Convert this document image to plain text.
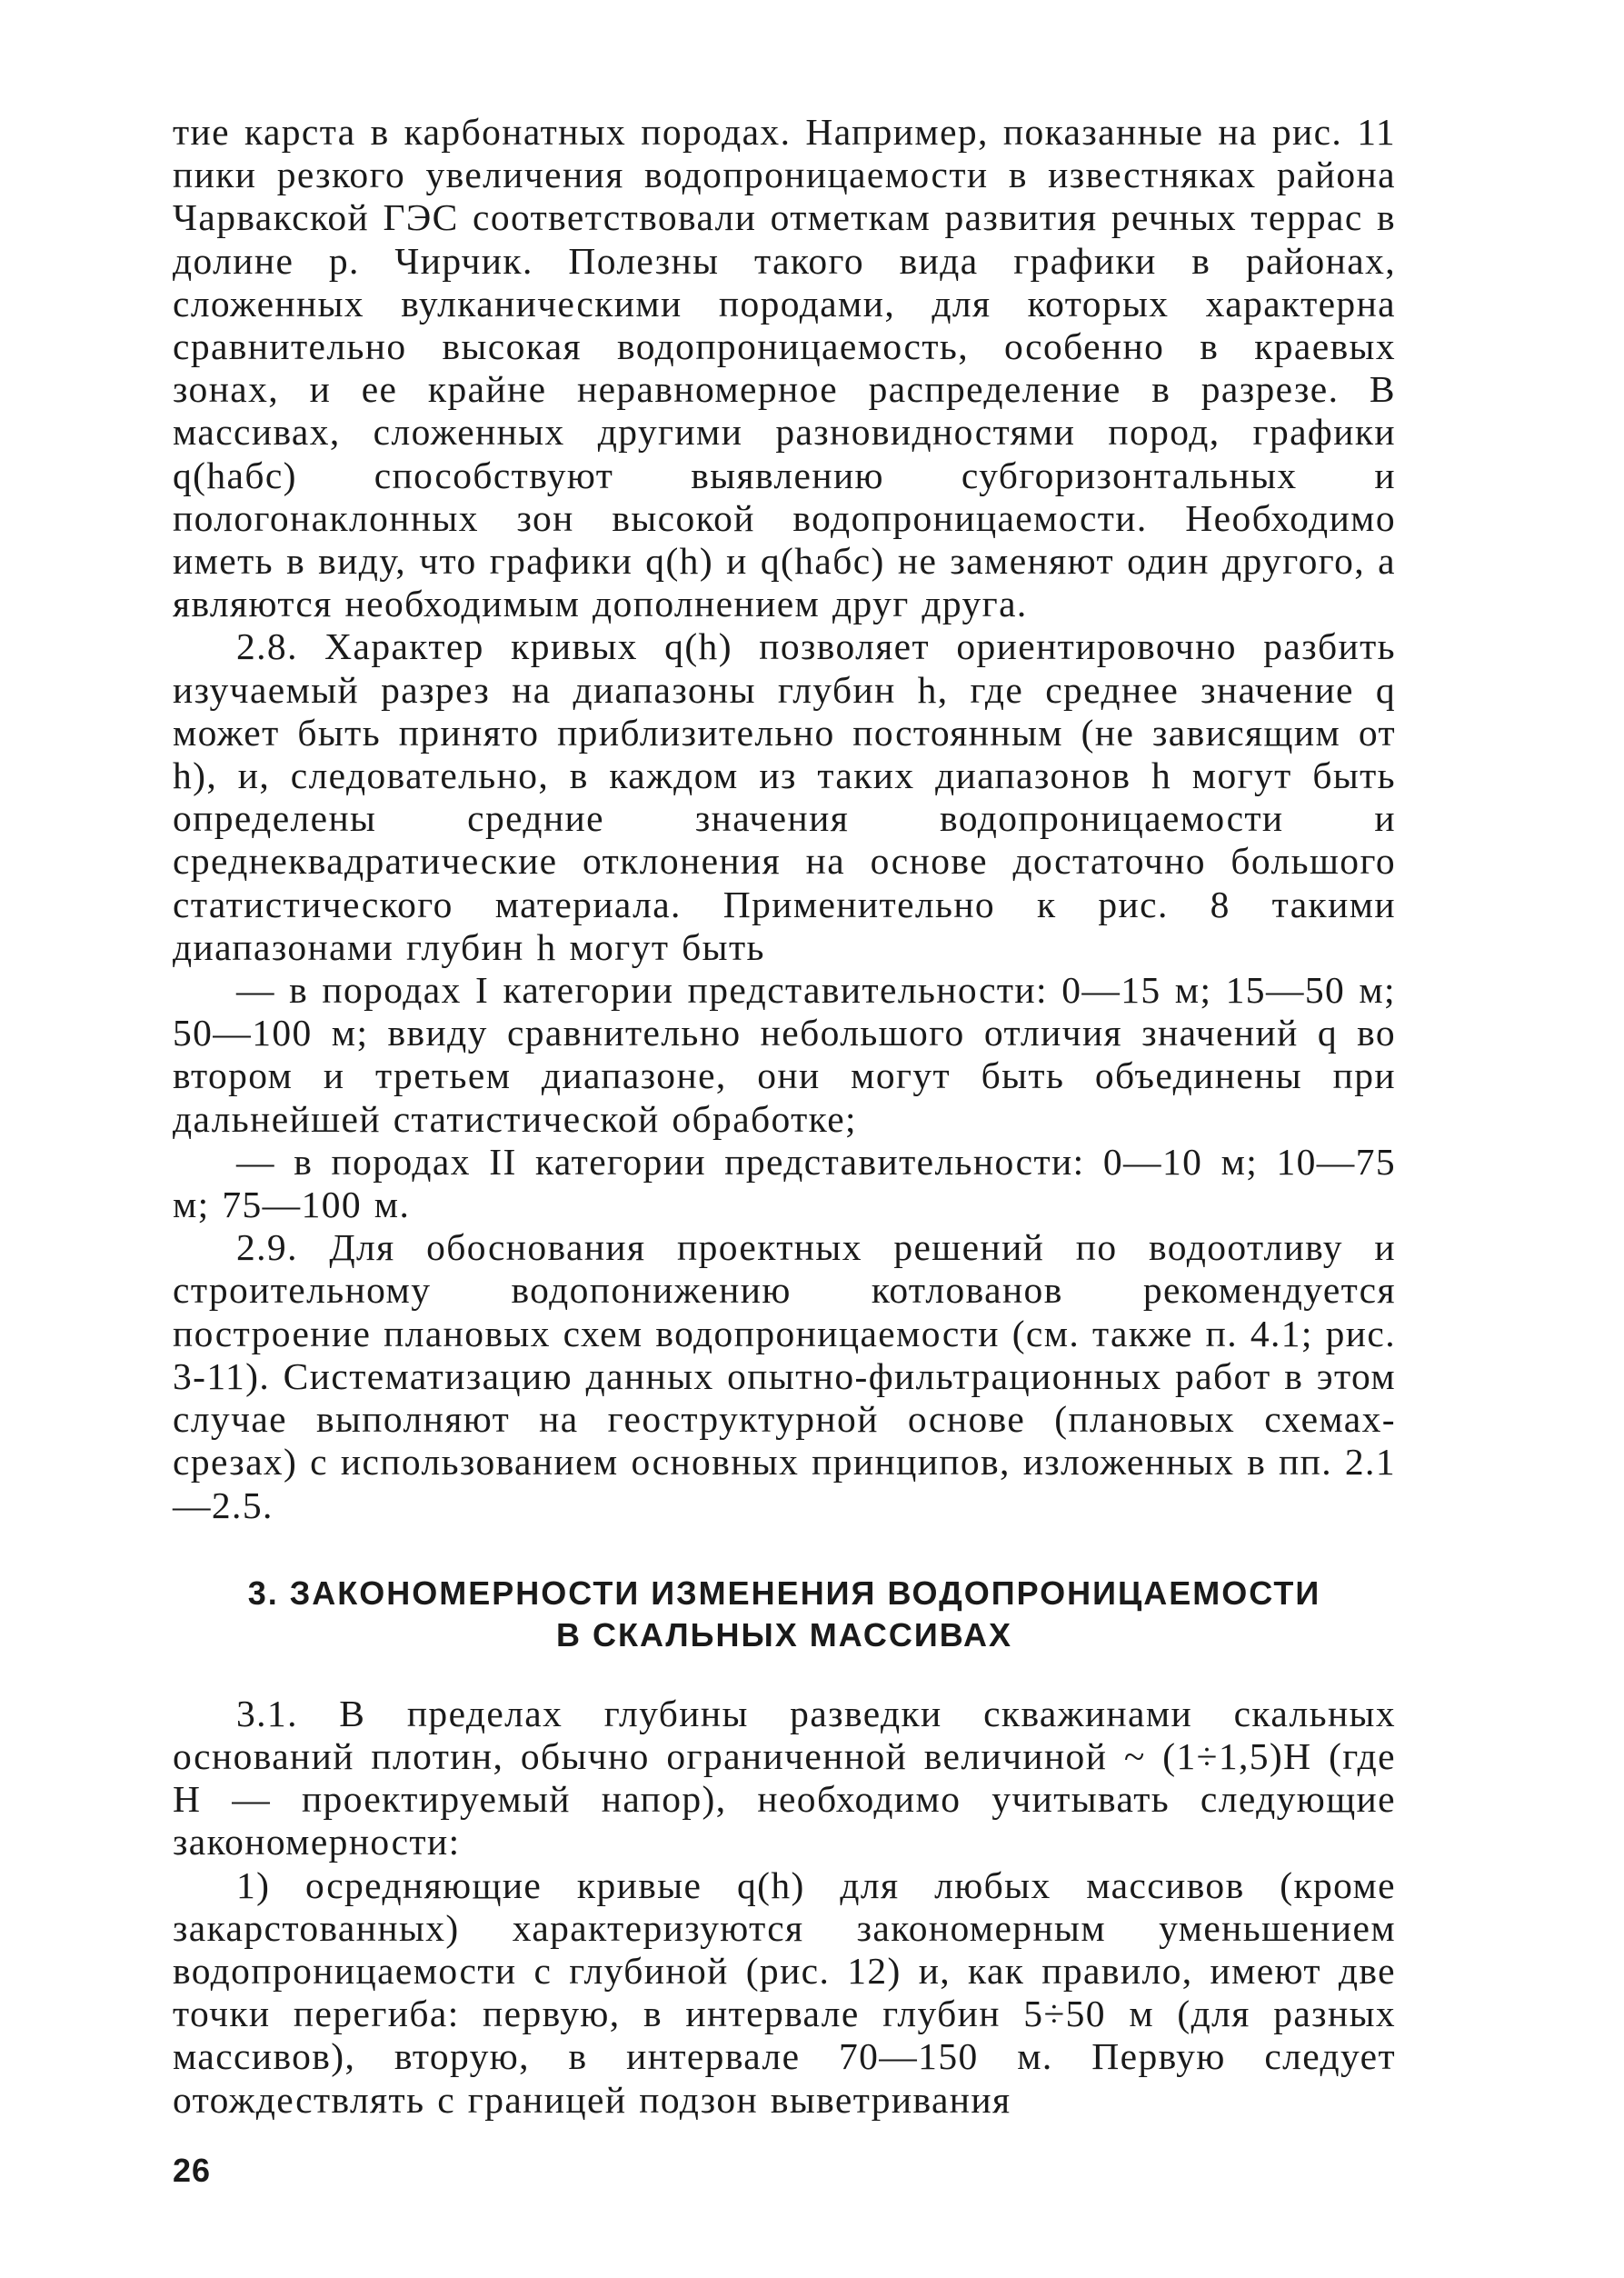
тие карста в карбонатных породах. Например, показанные на рис. 11 пики резкого увеличения водопроницаемости в известняках района Чарвакской ГЭС соответствовали отметкам развития речных террас в долине р. Чирчик. Полезны такого вида графики в районах, сложенных вулканическими породами, для которых характерна сравнительно высокая водопроницаемость, особенно в краевых зонах, и ее крайне неравномерное распределение в разрезе. В массивах, сложенных другими разновидностями пород, графики q(hабс) способствуют выявлению субгоризонтальных и пологонаклонных зон высокой водопроницаемости. Необходимо иметь в виду, что графики q(h) и q(hабс) не заменяют один другого, а являются необходимым дополнением друг друга.

2.8. Характер кривых q(h) позволяет ориентировочно разбить изучаемый разрез на диапазоны глубин h, где среднее значение q может быть принято приблизительно постоянным (не зависящим от h), и, следовательно, в каждом из таких диапазонов h могут быть определены средние значения водопроницаемости и среднеквадратические отклонения на основе достаточно большого статистического материала. Применительно к рис. 8 такими диапазонами глубин h могут быть

— в породах I категории представительности: 0—15 м; 15—50 м; 50—100 м; ввиду сравнительно небольшого отличия значений q во втором и третьем диапазоне, они могут быть объединены при дальнейшей статистической обработке;

— в породах II категории представительности: 0—10 м; 10—75 м; 75—100 м.

2.9. Для обоснования проектных решений по водоотливу и строительному водопонижению котлованов рекомендуется построение плановых схем водопроницаемости (см. также п. 4.1; рис. 3-11). Систематизацию данных опытно-фильтрационных работ в этом случае выполняют на геоструктурной основе (плановых схемах-срезах) с использованием основных принципов, изложенных в пп. 2.1—2.5.

3. ЗАКОНОМЕРНОСТИ ИЗМЕНЕНИЯ ВОДОПРОНИЦАЕМОСТИ
В СКАЛЬНЫХ МАССИВАХ

3.1. В пределах глубины разведки скважинами скальных оснований плотин, обычно ограниченной величиной ~ (1÷1,5)H (где H — проектируемый напор), необходимо учитывать следующие закономерности:

1) осредняющие кривые q(h) для любых массивов (кроме закарстованных) характеризуются закономерным уменьшением водопроницаемости с глубиной (рис. 12) и, как правило, имеют две точки перегиба: первую, в интервале глубин 5÷50 м (для разных массивов), вторую, в интервале 70—150 м. Первую следует отождествлять с границей подзон выветривания

26
